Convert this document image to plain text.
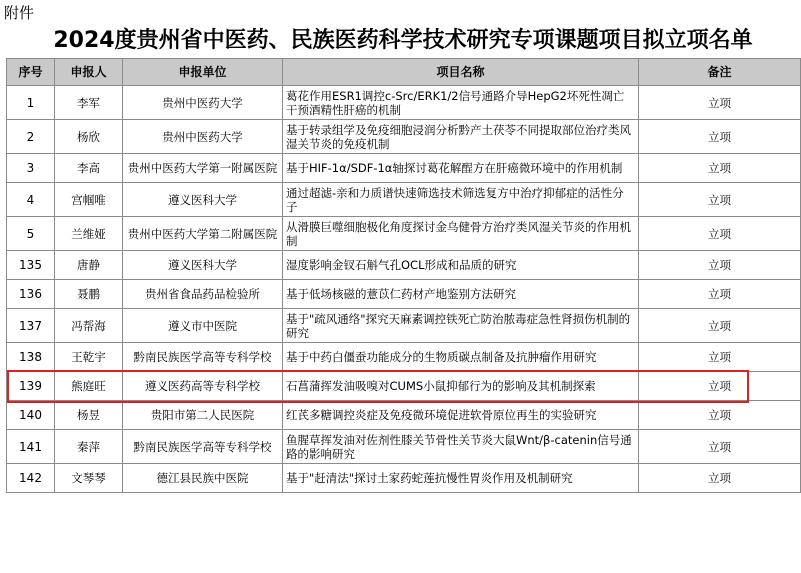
附件
2024度贵州省中医药、民族医药科学技术研究专项课题项目拟立项名单
序号	申报人	申报单位	项目名称	备注
1	李军	贵州中医药大学	葛花作用ESR1调控c-Src/ERK1/2信号通路介导HepG2坏死性凋亡干预酒精性肝癌的机制	立项
2	杨欣	贵州中医药大学	基于转录组学及免疫细胞浸润分析黔产土茯苓不同提取部位治疗类风湿关节炎的免疫机制	立项
3	李高	贵州中医药大学第一附属医院	基于HIF-1α/SDF-1α轴探讨葛花解酲方在肝癌微环境中的作用机制	立项
4	宫帼唯	遵义医科大学	通过超滤-亲和力质谱快速筛选技术筛选复方中治疗抑郁症的活性分子	立项
5	兰维娅	贵州中医药大学第二附属医院	从滑膜巨噬细胞极化角度探讨金乌健骨方治疗类风湿关节炎的作用机制	立项
135	唐静	遵义医科大学	湿度影响金钗石斛气孔OCL形成和品质的研究	立项
136	聂鹏	贵州省食品药品检验所	基于低场核磁的薏苡仁药材产地鉴别方法研究	立项
137	冯帮海	遵义市中医院	基于"疏风通络"探究天麻素调控铁死亡防治脓毒症急性肾损伤机制的研究	立项
138	王乾宇	黔南民族医学高等专科学校	基于中药白僵蚕功能成分的生物质碳点制备及抗肿瘤作用研究	立项
139	熊庭旺	遵义医药高等专科学校	石菖蒲挥发油吸嗅对CUMS小鼠抑郁行为的影响及其机制探索	立项
140	杨昱	贵阳市第二人民医院	红芪多糖调控炎症及免疫微环境促进软骨原位再生的实验研究	立项
141	秦萍	黔南民族医学高等专科学校	鱼腥草挥发油对佐剂性膝关节骨性关节炎大鼠Wnt/β-catenin信号通路的影响研究	立项
142	文琴琴	德江县民族中医院	基于"赶清法"探讨土家药蛇莲抗慢性胃炎作用及机制研究	立项
